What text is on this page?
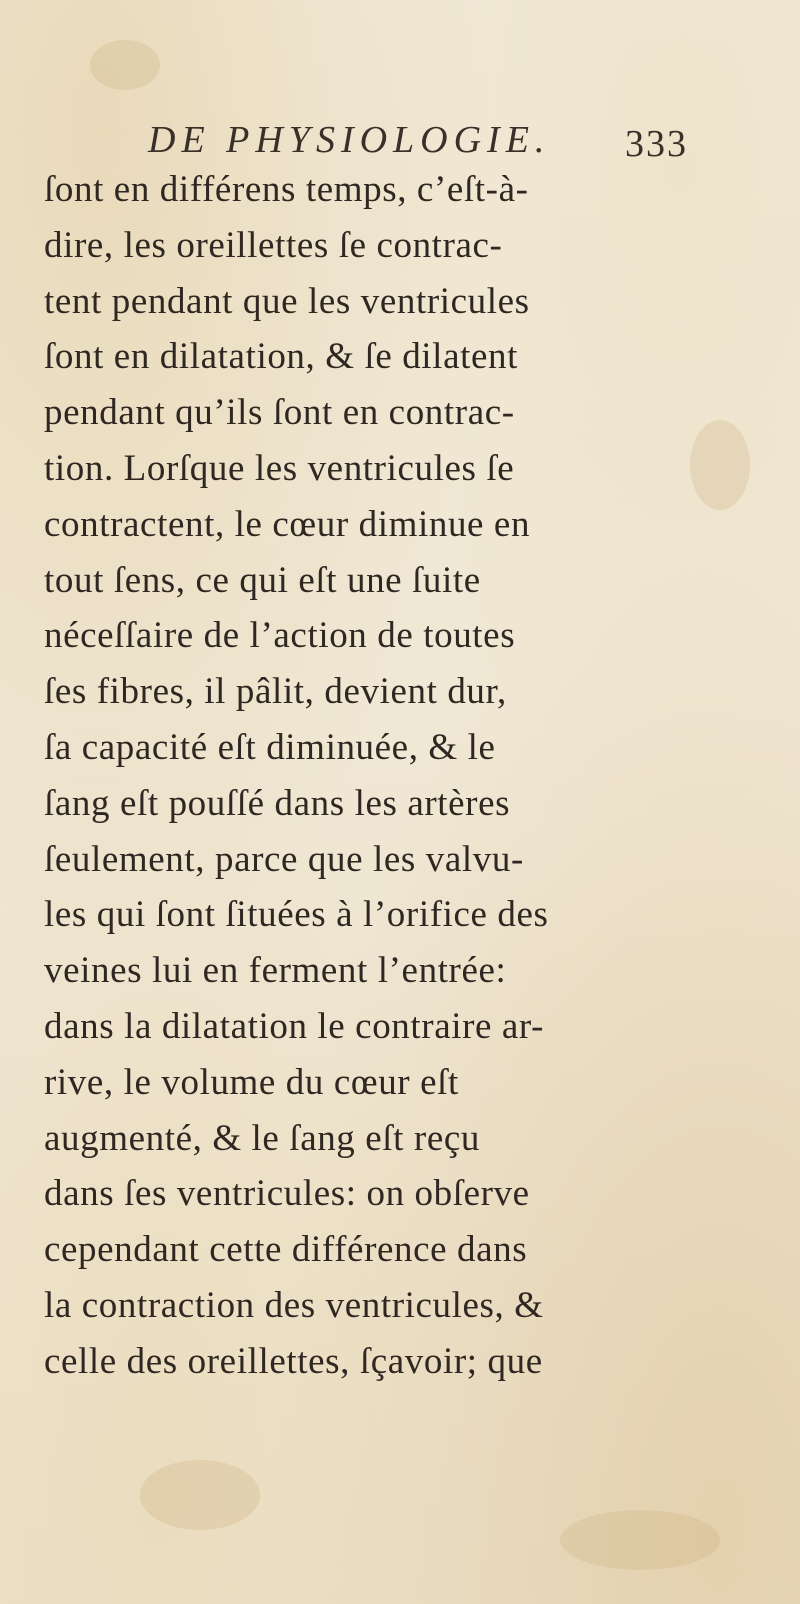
DE PHYSIOLOGIE. 333
ſont en différens temps, c’eſt-à-
dire, les oreillettes ſe contrac-
tent pendant que les ventricules
ſont en dilatation, & ſe dilatent
pendant qu’ils ſont en contrac-
tion. Lorſque les ventricules ſe
contractent, le cœur diminue en
tout ſens, ce qui eſt une ſuite
néceſſaire de l’action de toutes
ſes fibres, il pâlit, devient dur,
ſa capacité eſt diminuée, & le
ſang eſt pouſſé dans les artères
ſeulement, parce que les valvu-
les qui ſont ſituées à l’orifice des
veines lui en ferment l’entrée:
dans la dilatation le contraire ar-
rive, le volume du cœur eſt
augmenté, & le ſang eſt reçu
dans ſes ventricules: on obſerve
cependant cette différence dans
la contraction des ventricules, &
celle des oreillettes, ſçavoir; que
